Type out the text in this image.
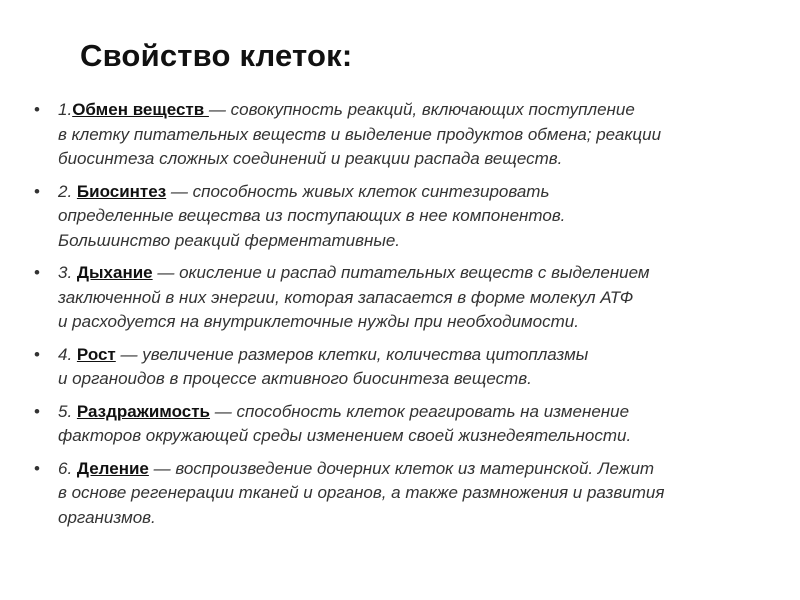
Свойство клеток:
• 1.Обмен веществ — совокупность реакций, включающих поступление
в клетку питательных веществ и выделение продуктов обмена; реакции
биосинтеза сложных соединений и реакции распада веществ.
• 2. Биосинтез — способность живых клеток синтезировать
определенные вещества из поступающих в нее компонентов.
Большинство реакций ферментативные.
• 3. Дыхание — окисление и распад питательных веществ с выделением
заключенной в них энергии, которая запасается в форме молекул АТФ
и расходуется на внутриклеточные нужды при необходимости.
• 4. Рост — увеличение размеров клетки, количества цитоплазмы
и органоидов в процессе активного биосинтеза веществ.
• 5. Раздражимость — способность клеток реагировать на изменение
факторов окружающей среды изменением своей жизнедеятельности.
• 6. Деление — воспроизведение дочерних клеток из материнской. Лежит
в основе регенерации тканей и органов, а также размножения и развития
организмов.
